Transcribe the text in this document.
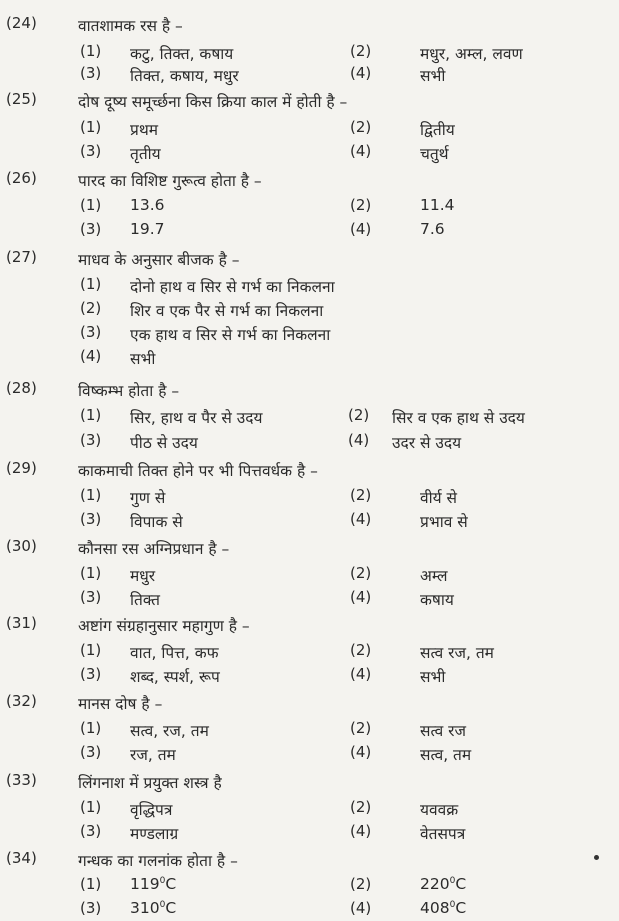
(24)	वातशामक रस है –
(1) कटु, तिक्त, कषाय	(2)	मधुर, अम्ल, लवण
(3) तिक्त, कषाय, मधुर	(4)	सभी
(25)	दोष दूष्य समूर्च्छना किस क्रिया काल में होती है –
(1) प्रथम	(2)	द्वितीय
(3) तृतीय	(4)	चतुर्थ
(26)	पारद का विशिष्ट गुरूत्व होता है –
(1) 13.6	(2)	11.4
(3) 19.7	(4)	7.6
(27)	माधव के अनुसार बीजक है –
(1) दोनो हाथ व सिर से गर्भ का निकलना
(2) शिर व एक पैर से गर्भ का निकलना
(3) एक हाथ व सिर से गर्भ का निकलना
(4) सभी
(28)	विष्कम्भ होता है –
(1) सिर, हाथ व पैर से उदय	(2) सिर व एक हाथ से उदय
(3) पीठ से उदय	(4) उदर से उदय
(29)	काकमाची तिक्त होने पर भी पित्तवर्धक है –
(1) गुण से	(2)	वीर्य से
(3) विपाक से	(4)	प्रभाव से
(30)	कौनसा रस अग्निप्रधान है –
(1) मधुर	(2)	अम्ल
(3) तिक्त	(4)	कषाय
(31)	अष्टांग संग्रहानुसार महागुण है –
(1) वात, पित्त, कफ	(2)	सत्व रज, तम
(3) शब्द, स्पर्श, रूप	(4)	सभी
(32)	मानस दोष है –
(1) सत्व, रज, तम	(2)	सत्व रज
(3) रज, तम	(4)	सत्व, तम
(33)	लिंगनाश में प्रयुक्त शस्त्र है
(1) वृद्धिपत्र	(2)	यववक्र
(3) मण्डलाग्र	(4)	वेतसपत्र
(34)	गन्धक का गलनांक होता है –
(1) $119^0C$	(2)	$220^0C$
(3) $310^0C$	(4)	$408^0C$
